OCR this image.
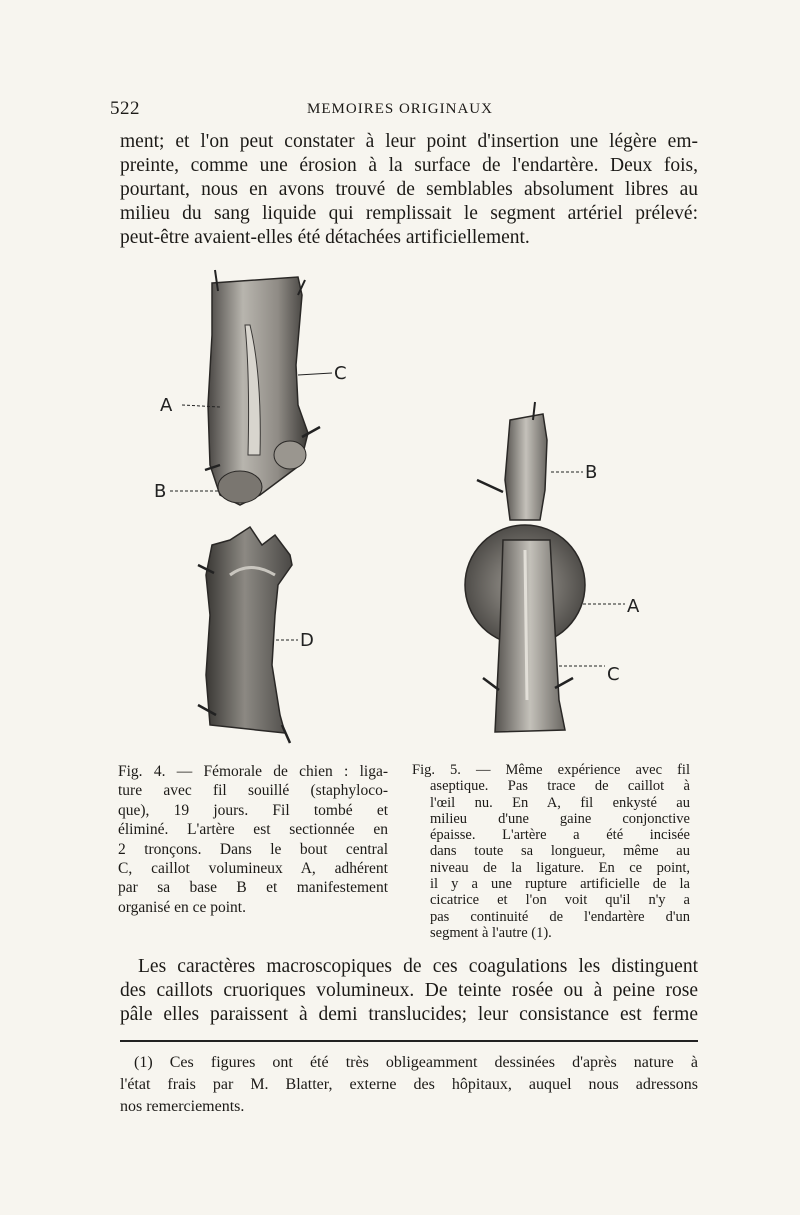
522	MEMOIRES ORIGINAUX
ment; et l'on peut constater à leur point d'insertion une légère em-
preinte, comme une érosion à la surface de l'endartère. Deux fois,
pourtant, nous en avons trouvé de semblables absolument libres au
milieu du sang liquide qui remplissait le segment artériel prélevé:
peut-être avaient-elles été détachées artificiellement.
A
C
B
D
B
A
C
Fig. 4. — Fémorale de chien : liga-
ture avec fil souillé (staphyloco-
que), 19 jours. Fil tombé et
éliminé. L'artère est sectionnée en
2 tronçons. Dans le bout central
C, caillot volumineux A, adhérent
par sa base B et manifestement
organisé en ce point.
Fig. 5. — Même expérience avec fil
aseptique. Pas trace de caillot à
l'œil nu. En A, fil enkysté au
milieu d'une gaine conjonctive
épaisse. L'artère a été incisée
dans toute sa longueur, même au
niveau de la ligature. En ce point,
il y a une rupture artificielle de la
cicatrice et l'on voit qu'il n'y a
pas continuité de l'endartère d'un
segment à l'autre (1).
Les caractères macroscopiques de ces coagulations les distinguent
des caillots cruoriques volumineux. De teinte rosée ou à peine rose
pâle elles paraissent à demi translucides; leur consistance est ferme
(1) Ces figures ont été très obligeamment dessinées d'après nature à
l'état frais par M. Blatter, externe des hôpitaux, auquel nous adressons
nos remerciements.
